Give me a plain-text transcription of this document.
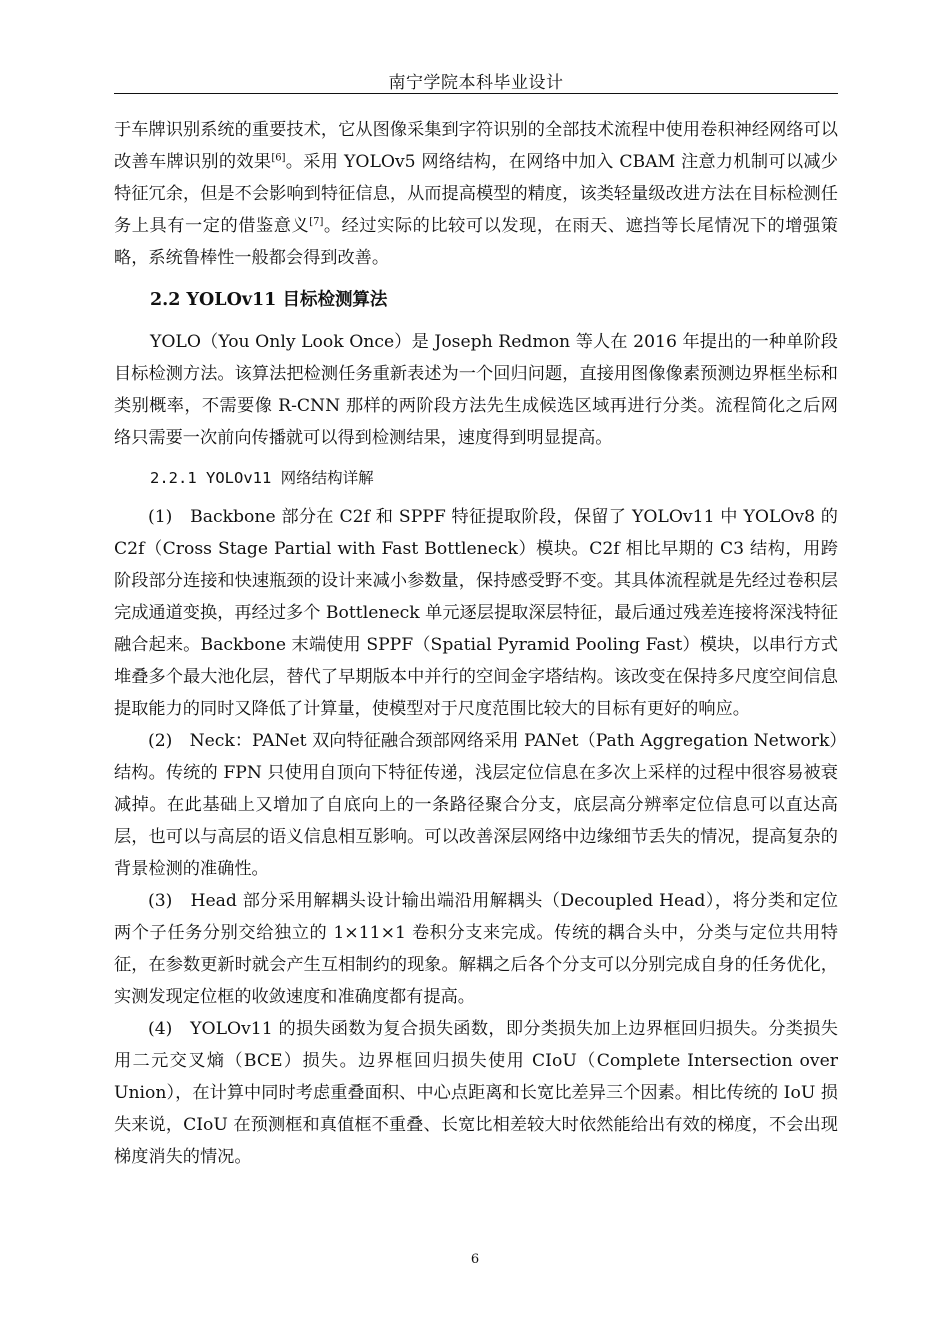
南宁学院本科毕业设计

于车牌识别系统的重要技术，它从图像采集到字符识别的全部技术流程中使用卷积神经网络可以改善车牌识别的效果[6]。采用 YOLOv5 网络结构，在网络中加入 CBAM 注意力机制可以减少特征冗余，但是不会影响到特征信息，从而提高模型的精度，该类轻量级改进方法在目标检测任务上具有一定的借鉴意义[7]。经过实际的比较可以发现，在雨天、遮挡等长尾情况下的增强策略，系统鲁棒性一般都会得到改善。

2.2 YOLOv11 目标检测算法

YOLO（You Only Look Once）是 Joseph Redmon 等人在 2016 年提出的一种单阶段目标检测方法。该算法把检测任务重新表述为一个回归问题，直接用图像像素预测边界框坐标和类别概率，不需要像 R-CNN 那样的两阶段方法先生成候选区域再进行分类。流程简化之后网络只需要一次前向传播就可以得到检测结果，速度得到明显提高。

2.2.1 YOLOv11 网络结构详解

(1)　Backbone 部分在 C2f 和 SPPF 特征提取阶段，保留了 YOLOv11 中 YOLOv8 的 C2f（Cross Stage Partial with Fast Bottleneck）模块。C2f 相比早期的 C3 结构，用跨阶段部分连接和快速瓶颈的设计来减小参数量，保持感受野不变。其具体流程就是先经过卷积层完成通道变换，再经过多个 Bottleneck 单元逐层提取深层特征，最后通过残差连接将深浅特征融合起来。Backbone 末端使用 SPPF（Spatial Pyramid Pooling Fast）模块，以串行方式堆叠多个最大池化层，替代了早期版本中并行的空间金字塔结构。该改变在保持多尺度空间信息提取能力的同时又降低了计算量，使模型对于尺度范围比较大的目标有更好的响应。

(2)　Neck：PANet 双向特征融合颈部网络采用 PANet（Path Aggregation Network）结构。传统的 FPN 只使用自顶向下特征传递，浅层定位信息在多次上采样的过程中很容易被衰减掉。在此基础上又增加了自底向上的一条路径聚合分支，底层高分辨率定位信息可以直达高层，也可以与高层的语义信息相互影响。可以改善深层网络中边缘细节丢失的情况，提高复杂的背景检测的准确性。

(3)　Head 部分采用解耦头设计输出端沿用解耦头（Decoupled Head），将分类和定位两个子任务分别交给独立的 1×11×1 卷积分支来完成。传统的耦合头中，分类与定位共用特征，在参数更新时就会产生互相制约的现象。解耦之后各个分支可以分别完成自身的任务优化，实测发现定位框的收敛速度和准确度都有提高。

(4)　YOLOv11 的损失函数为复合损失函数，即分类损失加上边界框回归损失。分类损失用二元交叉熵（BCE）损失。边界框回归损失使用 CIoU（Complete Intersection over Union），在计算中同时考虑重叠面积、中心点距离和长宽比差异三个因素。相比传统的 IoU 损失来说，CIoU 在预测框和真值框不重叠、长宽比相差较大时依然能给出有效的梯度，不会出现梯度消失的情况。

6
